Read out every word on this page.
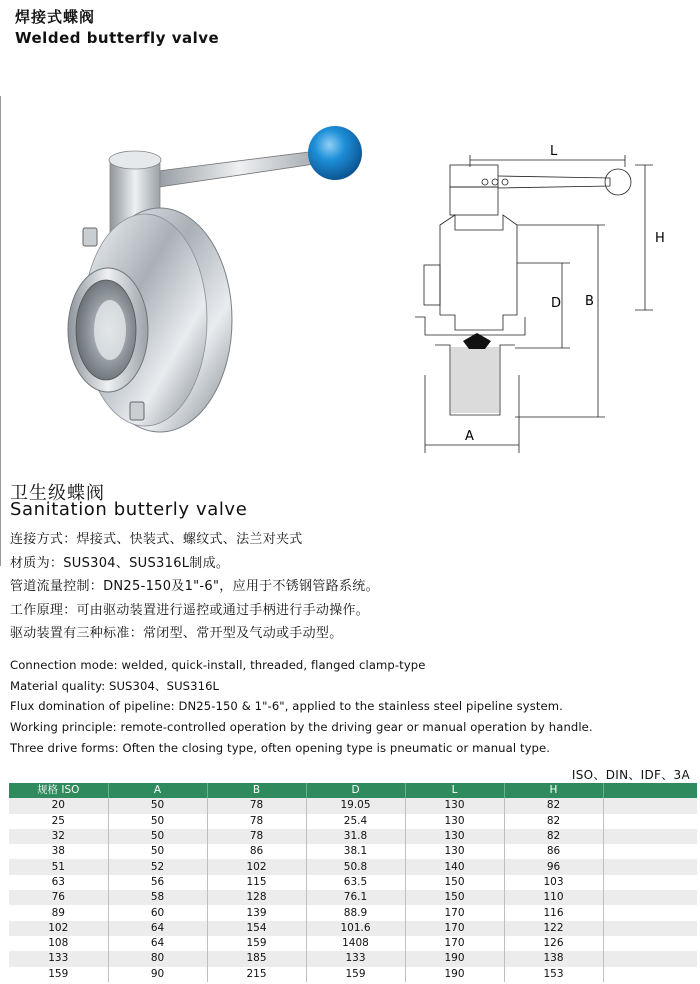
焊接式蝶阀
Welded butterfly valve
L
H
B
D
A
卫生级蝶阀
Sanitation butterly valve
连接方式：焊接式、快装式、螺纹式、法兰对夹式
材质为：SUS304、SUS316L制成。
管道流量控制：DN25-150及1"-6"，应用于不锈钢管路系统。
工作原理：可由驱动装置进行遥控或通过手柄进行手动操作。
驱动装置有三种标准：常闭型、常开型及气动或手动型。
Connection mode: welded, quick-install, threaded, flanged clamp-type
Material quality: SUS304、SUS316L
Flux domination of pipeline: DN25-150 & 1"-6", applied to the stainless steel pipeline system.
Working principle: remote-controlled operation by the driving gear or manual operation by handle.
Three drive forms: Often the closing type, often opening type is pneumatic or manual type.
ISO、DIN、IDF、3A
规格 ISO	A	B	D	L	H	
20	50	78	19.05	130	82	
25	50	78	25.4	130	82	
32	50	78	31.8	130	82	
38	50	86	38.1	130	86	
51	52	102	50.8	140	96	
63	56	115	63.5	150	103	
76	58	128	76.1	150	110	
89	60	139	88.9	170	116	
102	64	154	101.6	170	122	
108	64	159	1408	170	126	
133	80	185	133	190	138	
159	90	215	159	190	153	
